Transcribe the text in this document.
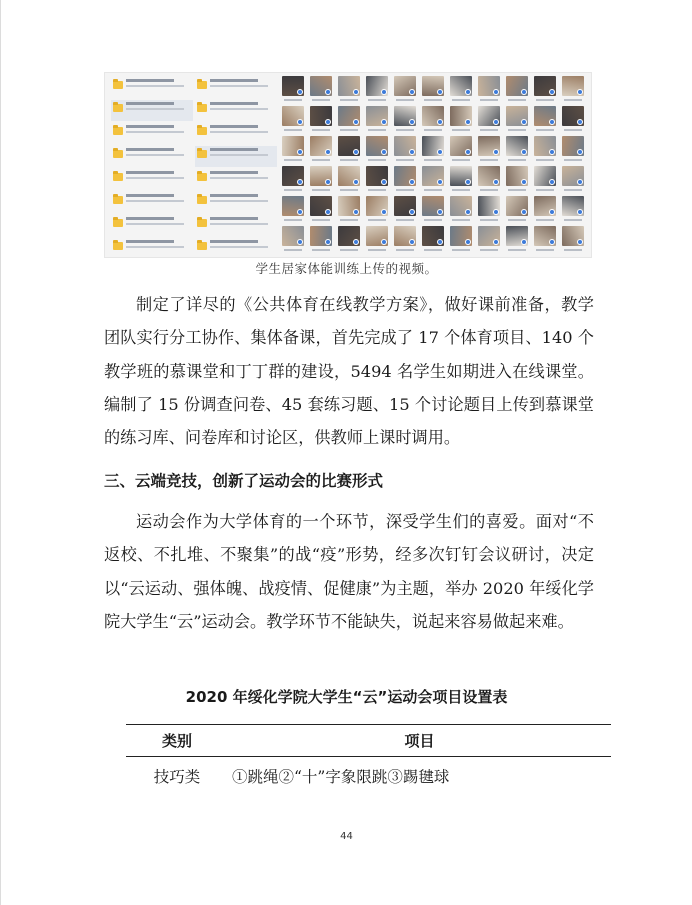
学生居家体能训练上传的视频。

制定了详尽的《公共体育在线教学方案》，做好课前准备，教学团队实行分工协作、集体备课，首先完成了 17 个体育项目、140 个教学班的慕课堂和丁丁群的建设，5494 名学生如期进入在线课堂。编制了 15 份调查问卷、45 套练习题、15 个讨论题目上传到慕课堂的练习库、问卷库和讨论区，供教师上课时调用。

三、云端竞技，创新了运动会的比赛形式

运动会作为大学体育的一个环节，深受学生们的喜爱。面对“不返校、不扎堆、不聚集”的战“疫”形势，经多次钉钉会议研讨，决定以“云运动、强体魄、战疫情、促健康”为主题，举办 2020 年绥化学院大学生“云”运动会。教学环节不能缺失，说起来容易做起来难。

2020 年绥化学院大学生“云”运动会项目设置表
类别	项目
技巧类	①跳绳②“十”字象限跳③踢毽球
44
